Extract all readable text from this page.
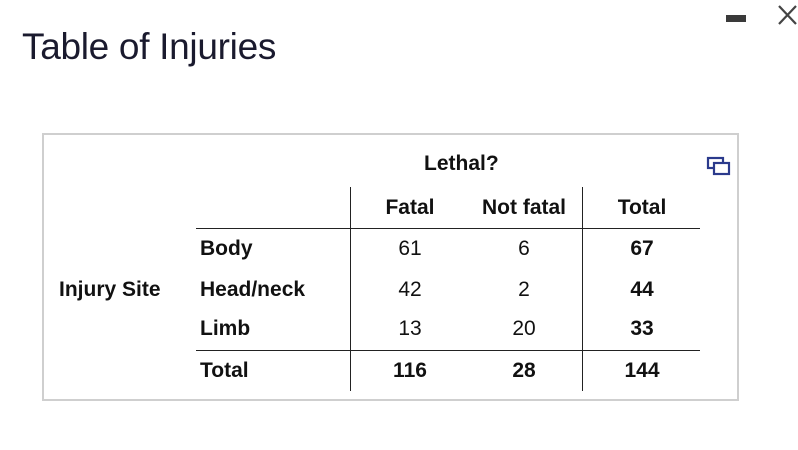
Table of Injuries
Lethal?
Fatal	Not fatal	Total
Injury Site
Body	61	6	67
Head/neck	42	2	44
Limb	13	20	33
Total	116	28	144
